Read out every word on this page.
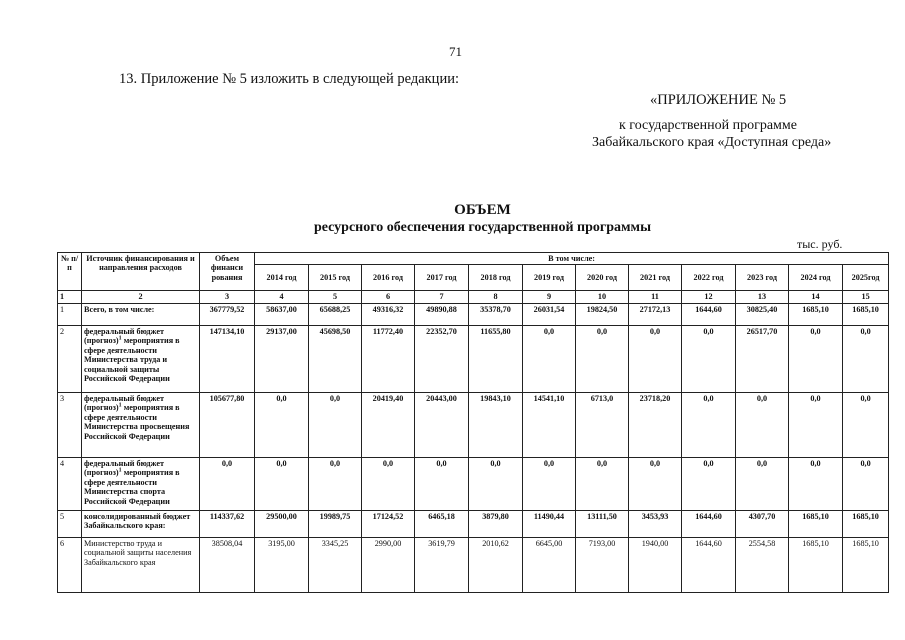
71
13. Приложение № 5 изложить в следующей редакции:
«ПРИЛОЖЕНИЕ № 5
к государственной программе
Забайкальского края «Доступная среда»
ОБЪЕМ
ресурсного обеспечения государственной программы
тыс. руб.
№ п/ п	Источник финансирования и направления расходов	Объем финанси рования	В том числе:											
			2014 год	2015 год	2016 год	2017 год	2018 год	2019 год	2020 год	2021 год	2022 год	2023 год	2024 год	2025год
1	2	3	4	5	6	7	8	9	10	11	12	13	14	15
1	Всего, в том числе:	367779,52	58637,00	65688,25	49316,32	49890,88	35378,70	26031,54	19824,50	27172,13	1644,60	30825,40	1685,10	1685,10
2	федеральный бюджет (прогноз)$^1$ мероприятия в сфере деятельности Министерства труда и социальной защиты Российской Федерации	147134,10	29137,00	45698,50	11772,40	22352,70	11655,80	0,0	0,0	0,0	0,0	26517,70	0,0	0,0
3	федеральный бюджет (прогноз)$^1$ мероприятия в сфере деятельности Министерства просвещения Российской Федерации	105677,80	0,0	0,0	20419,40	20443,00	19843,10	14541,10	6713,0	23718,20	0,0	0,0	0,0	0,0
4	федеральный бюджет (прогноз)$^1$ мероприятия в сфере деятельности Министерства спорта Российской Федерации	0,0	0,0	0,0	0,0	0,0	0,0	0,0	0,0	0,0	0,0	0,0	0,0	0,0
5	консолидированный бюджет Забайкальского края:	114337,62	29500,00	19989,75	17124,52	6465,18	3879,80	11490,44	13111,50	3453,93	1644,60	4307,70	1685,10	1685,10
6	Министерство труда и социальной защиты населения Забайкальского края	38508,04	3195,00	3345,25	2990,00	3619,79	2010,62	6645,00	7193,00	1940,00	1644,60	2554,58	1685,10	1685,10
